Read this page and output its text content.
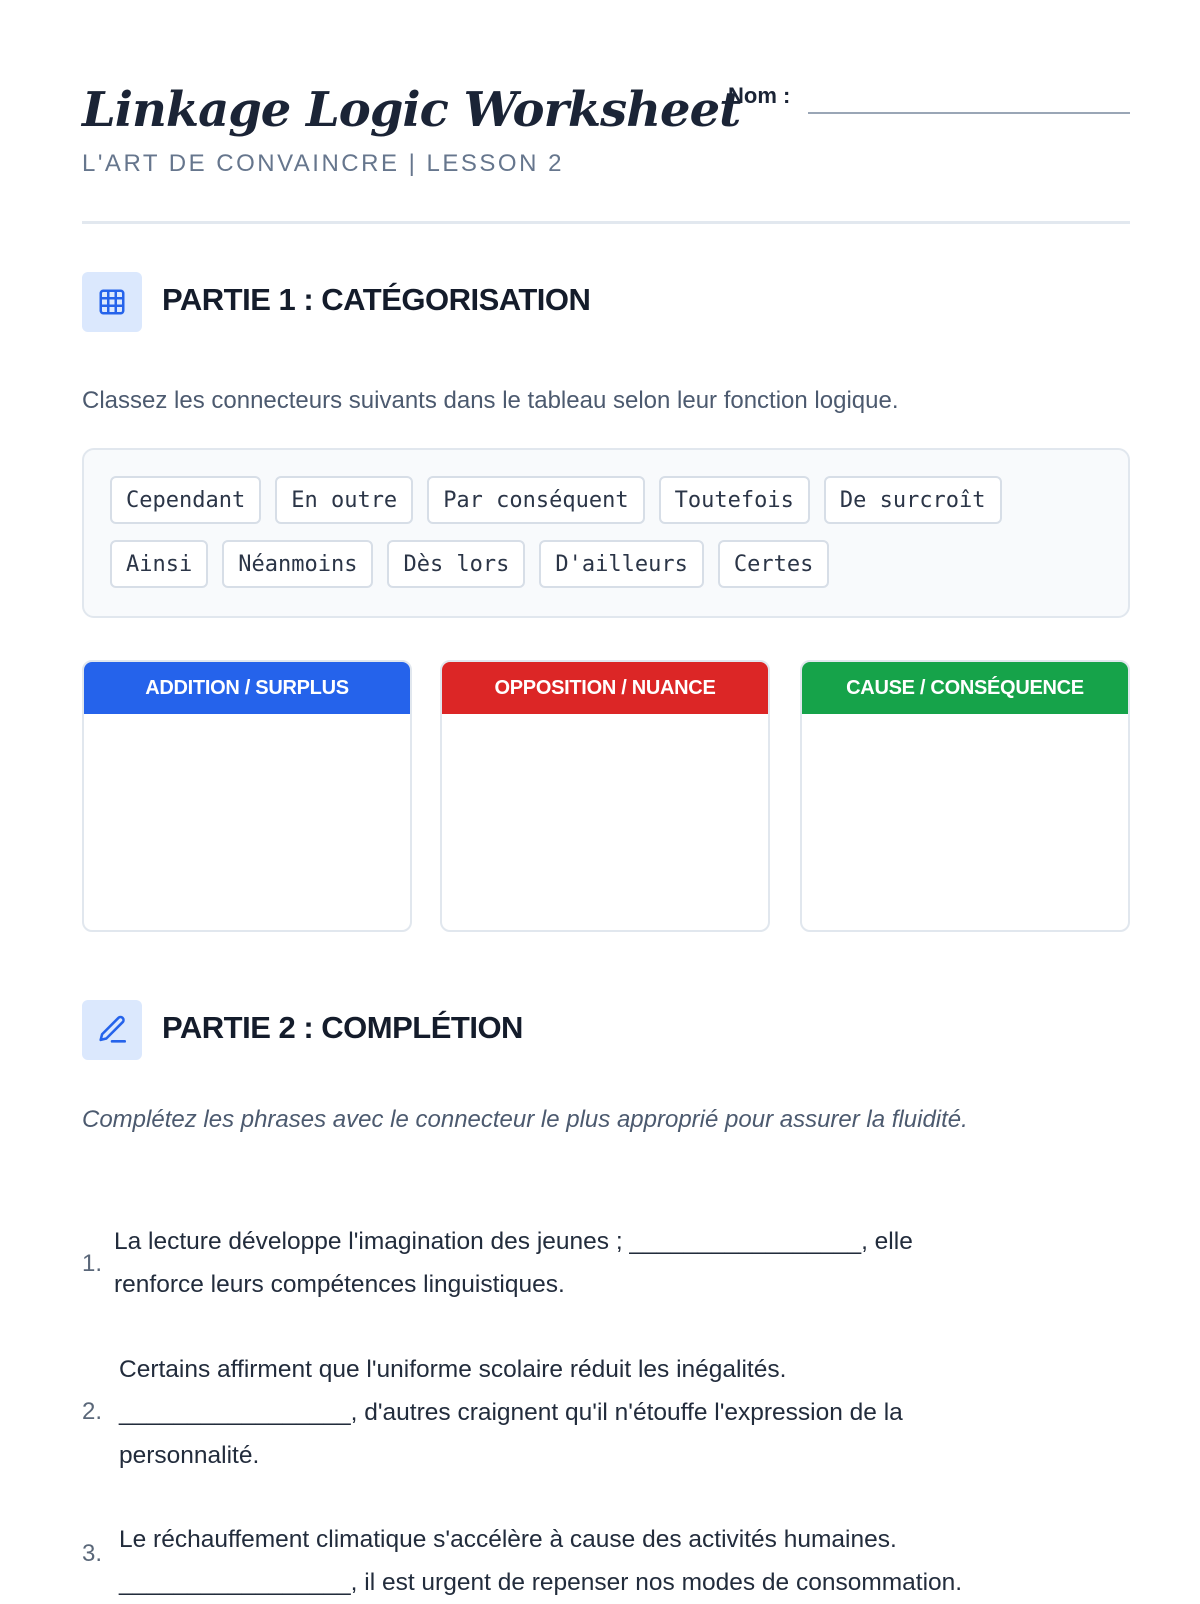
Linkage Logic Worksheet
L'ART DE CONVAINCRE | LESSON 2
Nom :
PARTIE 1 : CATÉGORISATION
Classez les connecteurs suivants dans le tableau selon leur fonction logique.
Cependant	En outre	Par conséquent	Toutefois	De surcroît
Ainsi	Néanmoins	Dès lors	D'ailleurs	Certes
ADDITION / SURPLUS	OPPOSITION / NUANCE	CAUSE / CONSÉQUENCE
PARTIE 2 : COMPLÉTION
Complétez les phrases avec le connecteur le plus approprié pour assurer la fluidité.
1.
La lecture développe l'imagination des jeunes ; _________________, elle
renforce leurs compétences linguistiques.
2.
Certains affirment que l'uniforme scolaire réduit les inégalités.
_________________, d'autres craignent qu'il n'étouffe l'expression de la
personnalité.
3.
Le réchauffement climatique s'accélère à cause des activités humaines.
_________________, il est urgent de repenser nos modes de consommation.
